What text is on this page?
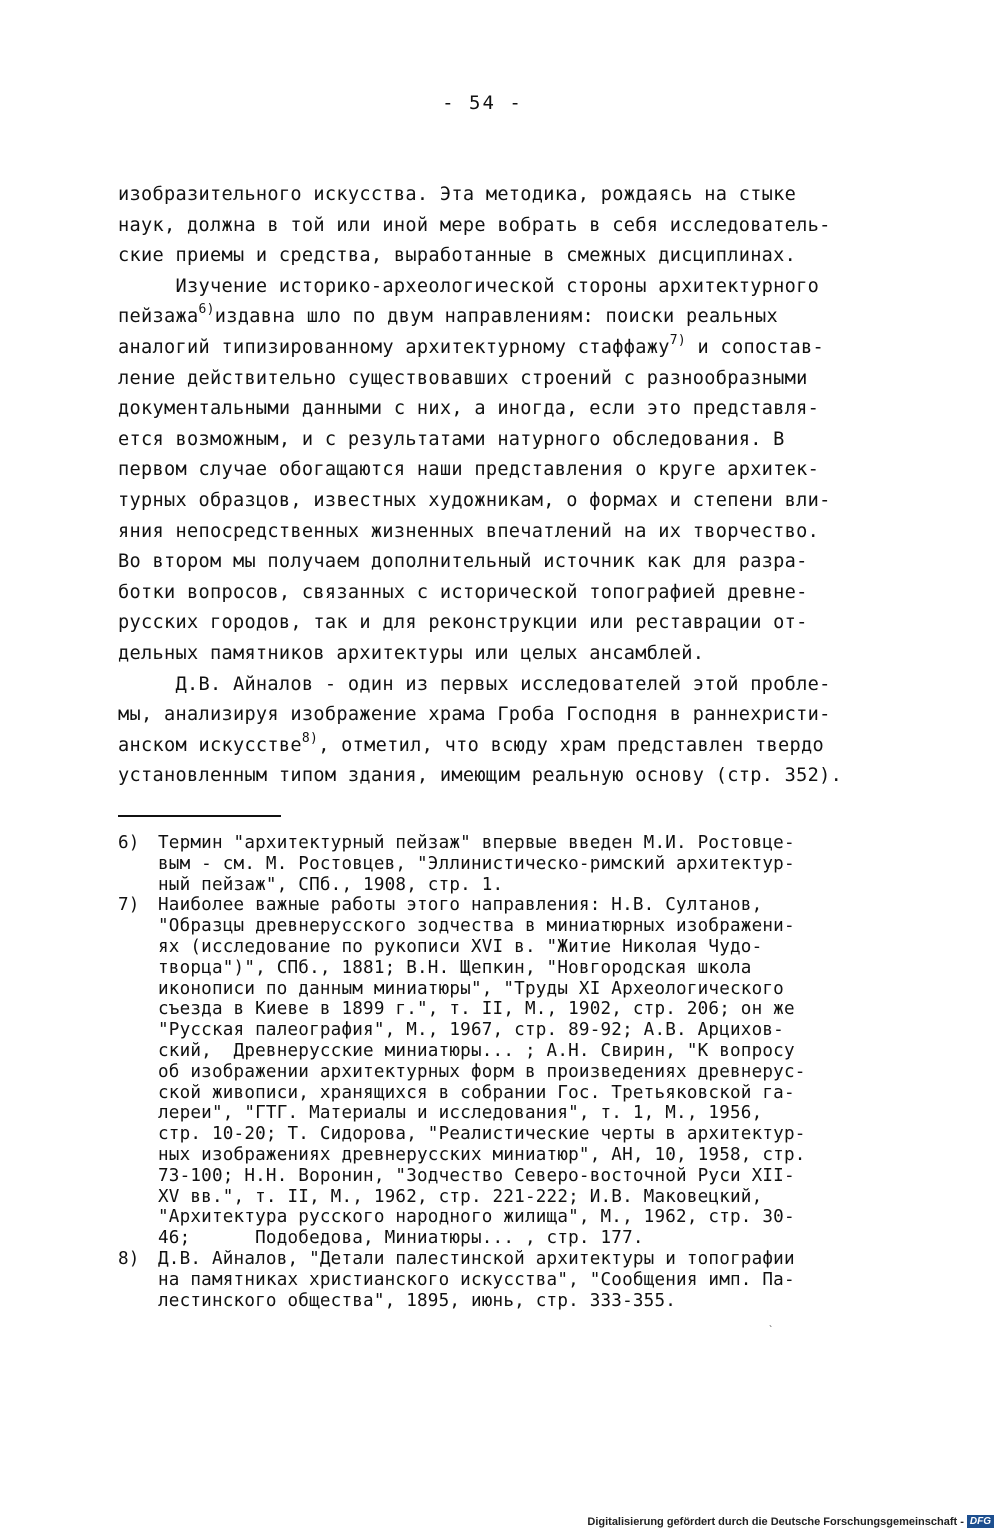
- 54 -
изобразительного искусства. Эта методика, рождаясь на стыке
наук, должна в той или иной мере вобрать в себя исследователь-
ские приемы и средства, выработанные в смежных дисциплинах.
Изучение историко-археологической стороны архитектурного
пейзажа$^{6)}$издавна шло по двум направлениям: поиски реальных
аналогий типизированному архитектурному стаффажу$^{7)}$ и сопостав-
ление действительно существовавших строений с разнообразными
документальными данными с них, а иногда, если это представля-
ется возможным, и с результатами натурного обследования. В
первом случае обогащаются наши представления о круге архитек-
турных образцов, известных художникам, о формах и степени вли-
яния непосредственных жизненных впечатлений на их творчество.
Во втором мы получаем дополнительный источник как для разра-
ботки вопросов, связанных с исторической топографией древне-
русских городов, так и для реконструкции или реставрации от-
дельных памятников архитектуры или целых ансамблей.
Д.В. Айналов - один из первых исследователей этой пробле-
мы, анализируя изображение храма Гроба Господня в раннехристи-
анском искусстве$^{8)}$, отметил, что всюду храм представлен твердо
установленным типом здания, имеющим реальную основу (стр. 352).
6)	Термин "архитектурный пейзаж" впервые введен М.И. Ростовце-
вым - см. М. Ростовцев, "Эллинистическо-римский архитектур-
ный пейзаж", СПб., 1908, стр. 1.
7)	Наиболее важные работы этого направления: Н.В. Султанов,
"Образцы древнерусского зодчества в миниатюрных изображени-
ях (исследование по рукописи XVI в. "Житие Николая Чудо-
творца")", СПб., 1881; В.Н. Щепкин, "Новгородская школа
иконописи по данным миниатюры", "Труды XI Археологического
съезда в Киеве в 1899 г.", т. II, М., 1902, стр. 206; он же
"Русская палеография", М., 1967, стр. 89-92; А.В. Арцихов-
ский,  Древнерусские миниатюры... ; А.Н. Свирин, "К вопросу
об изображении архитектурных форм в произведениях древнерус-
ской живописи, хранящихся в собрании Гос. Третьяковской га-
лереи", "ГТГ. Материалы и исследования", т. 1, М., 1956,
стр. 10-20; Т. Сидорова, "Реалистические черты в архитектур-
ных изображениях древнерусских миниатюр", АН, 10, 1958, стр.
73-100; Н.Н. Воронин, "Зодчество Северо-восточной Руси XII-
XV вв.", т. II, М., 1962, стр. 221-222; И.В. Маковецкий,
"Архитектура русского народного жилища", М., 1962, стр. 30-
46;      Подобедова, Миниатюры... , стр. 177.
8)	Д.В. Айналов, "Детали палестинской архитектуры и топографии
на памятниках христианского искусства", "Сообщения имп. Па-
лестинского общества", 1895, июнь, стр. 333-355.
`
Digitalisierung gefördert durch die Deutsche Forschungsgemeinschaft - DFG
